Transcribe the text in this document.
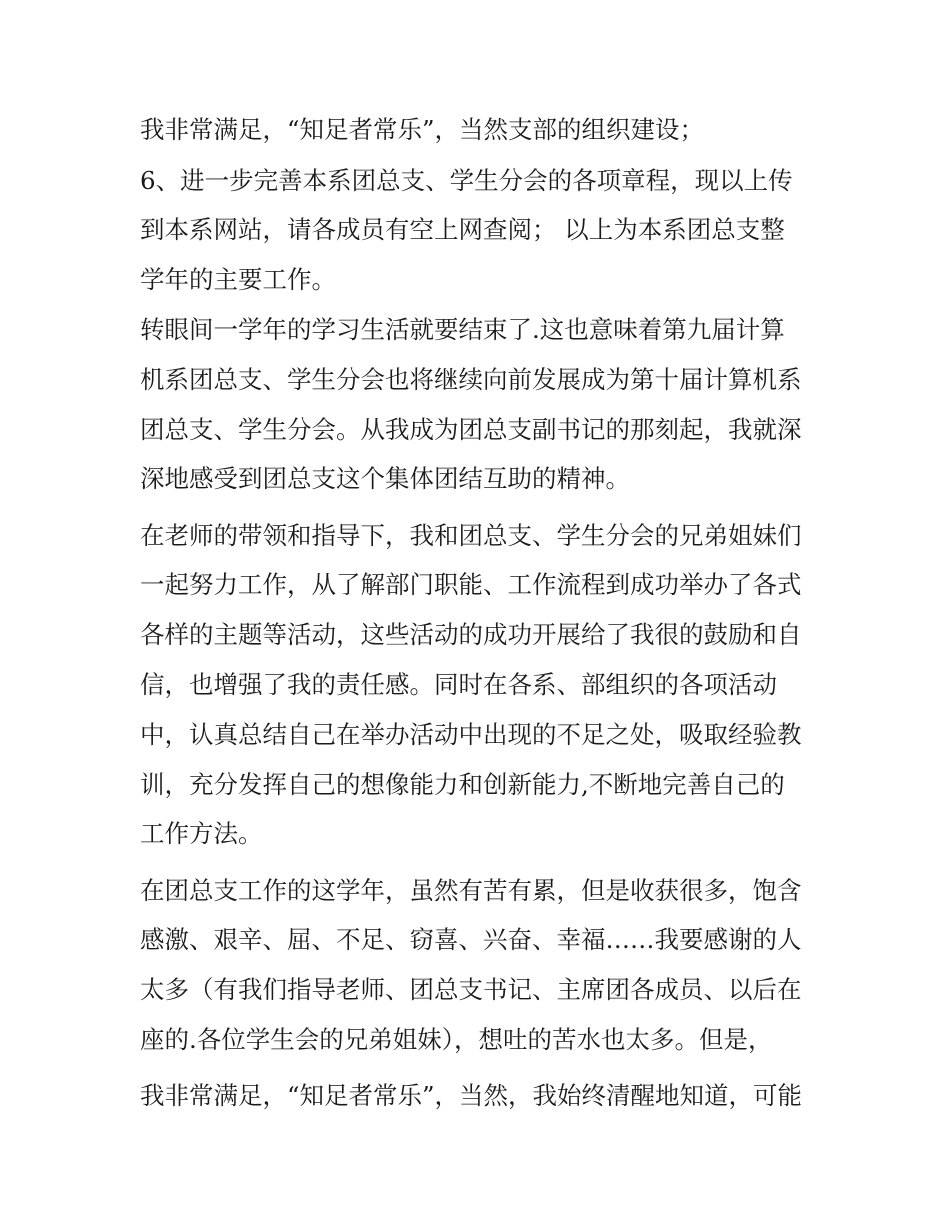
我非常满足，“知足者常乐”，当然支部的组织建设；
6、进一步完善本系团总支、学生分会的各项章程，现以上传
到本系网站，请各成员有空上网查阅； 以上为本系团总支整
学年的主要工作。
转眼间一学年的学习生活就要结束了.这也意味着第九届计算
机系团总支、学生分会也将继续向前发展成为第十届计算机系
团总支、学生分会。从我成为团总支副书记的那刻起，我就深
深地感受到团总支这个集体团结互助的精神。
在老师的带领和指导下，我和团总支、学生分会的兄弟姐妹们
一起努力工作，从了解部门职能、工作流程到成功举办了各式
各样的主题等活动，这些活动的成功开展给了我很的鼓励和自
信，也增强了我的责任感。同时在各系、部组织的各项活动
中，认真总结自己在举办活动中出现的不足之处，吸取经验教
训，充分发挥自己的想像能力和创新能力,不断地完善自己的
工作方法。
在团总支工作的这学年，虽然有苦有累，但是收获很多，饱含
感激、艰辛、屈、不足、窃喜、兴奋、幸福……我要感谢的人
太多（有我们指导老师、团总支书记、主席团各成员、以后在
座的.各位学生会的兄弟姐妹），想吐的苦水也太多。但是，
我非常满足，“知足者常乐”，当然，我始终清醒地知道，可能
